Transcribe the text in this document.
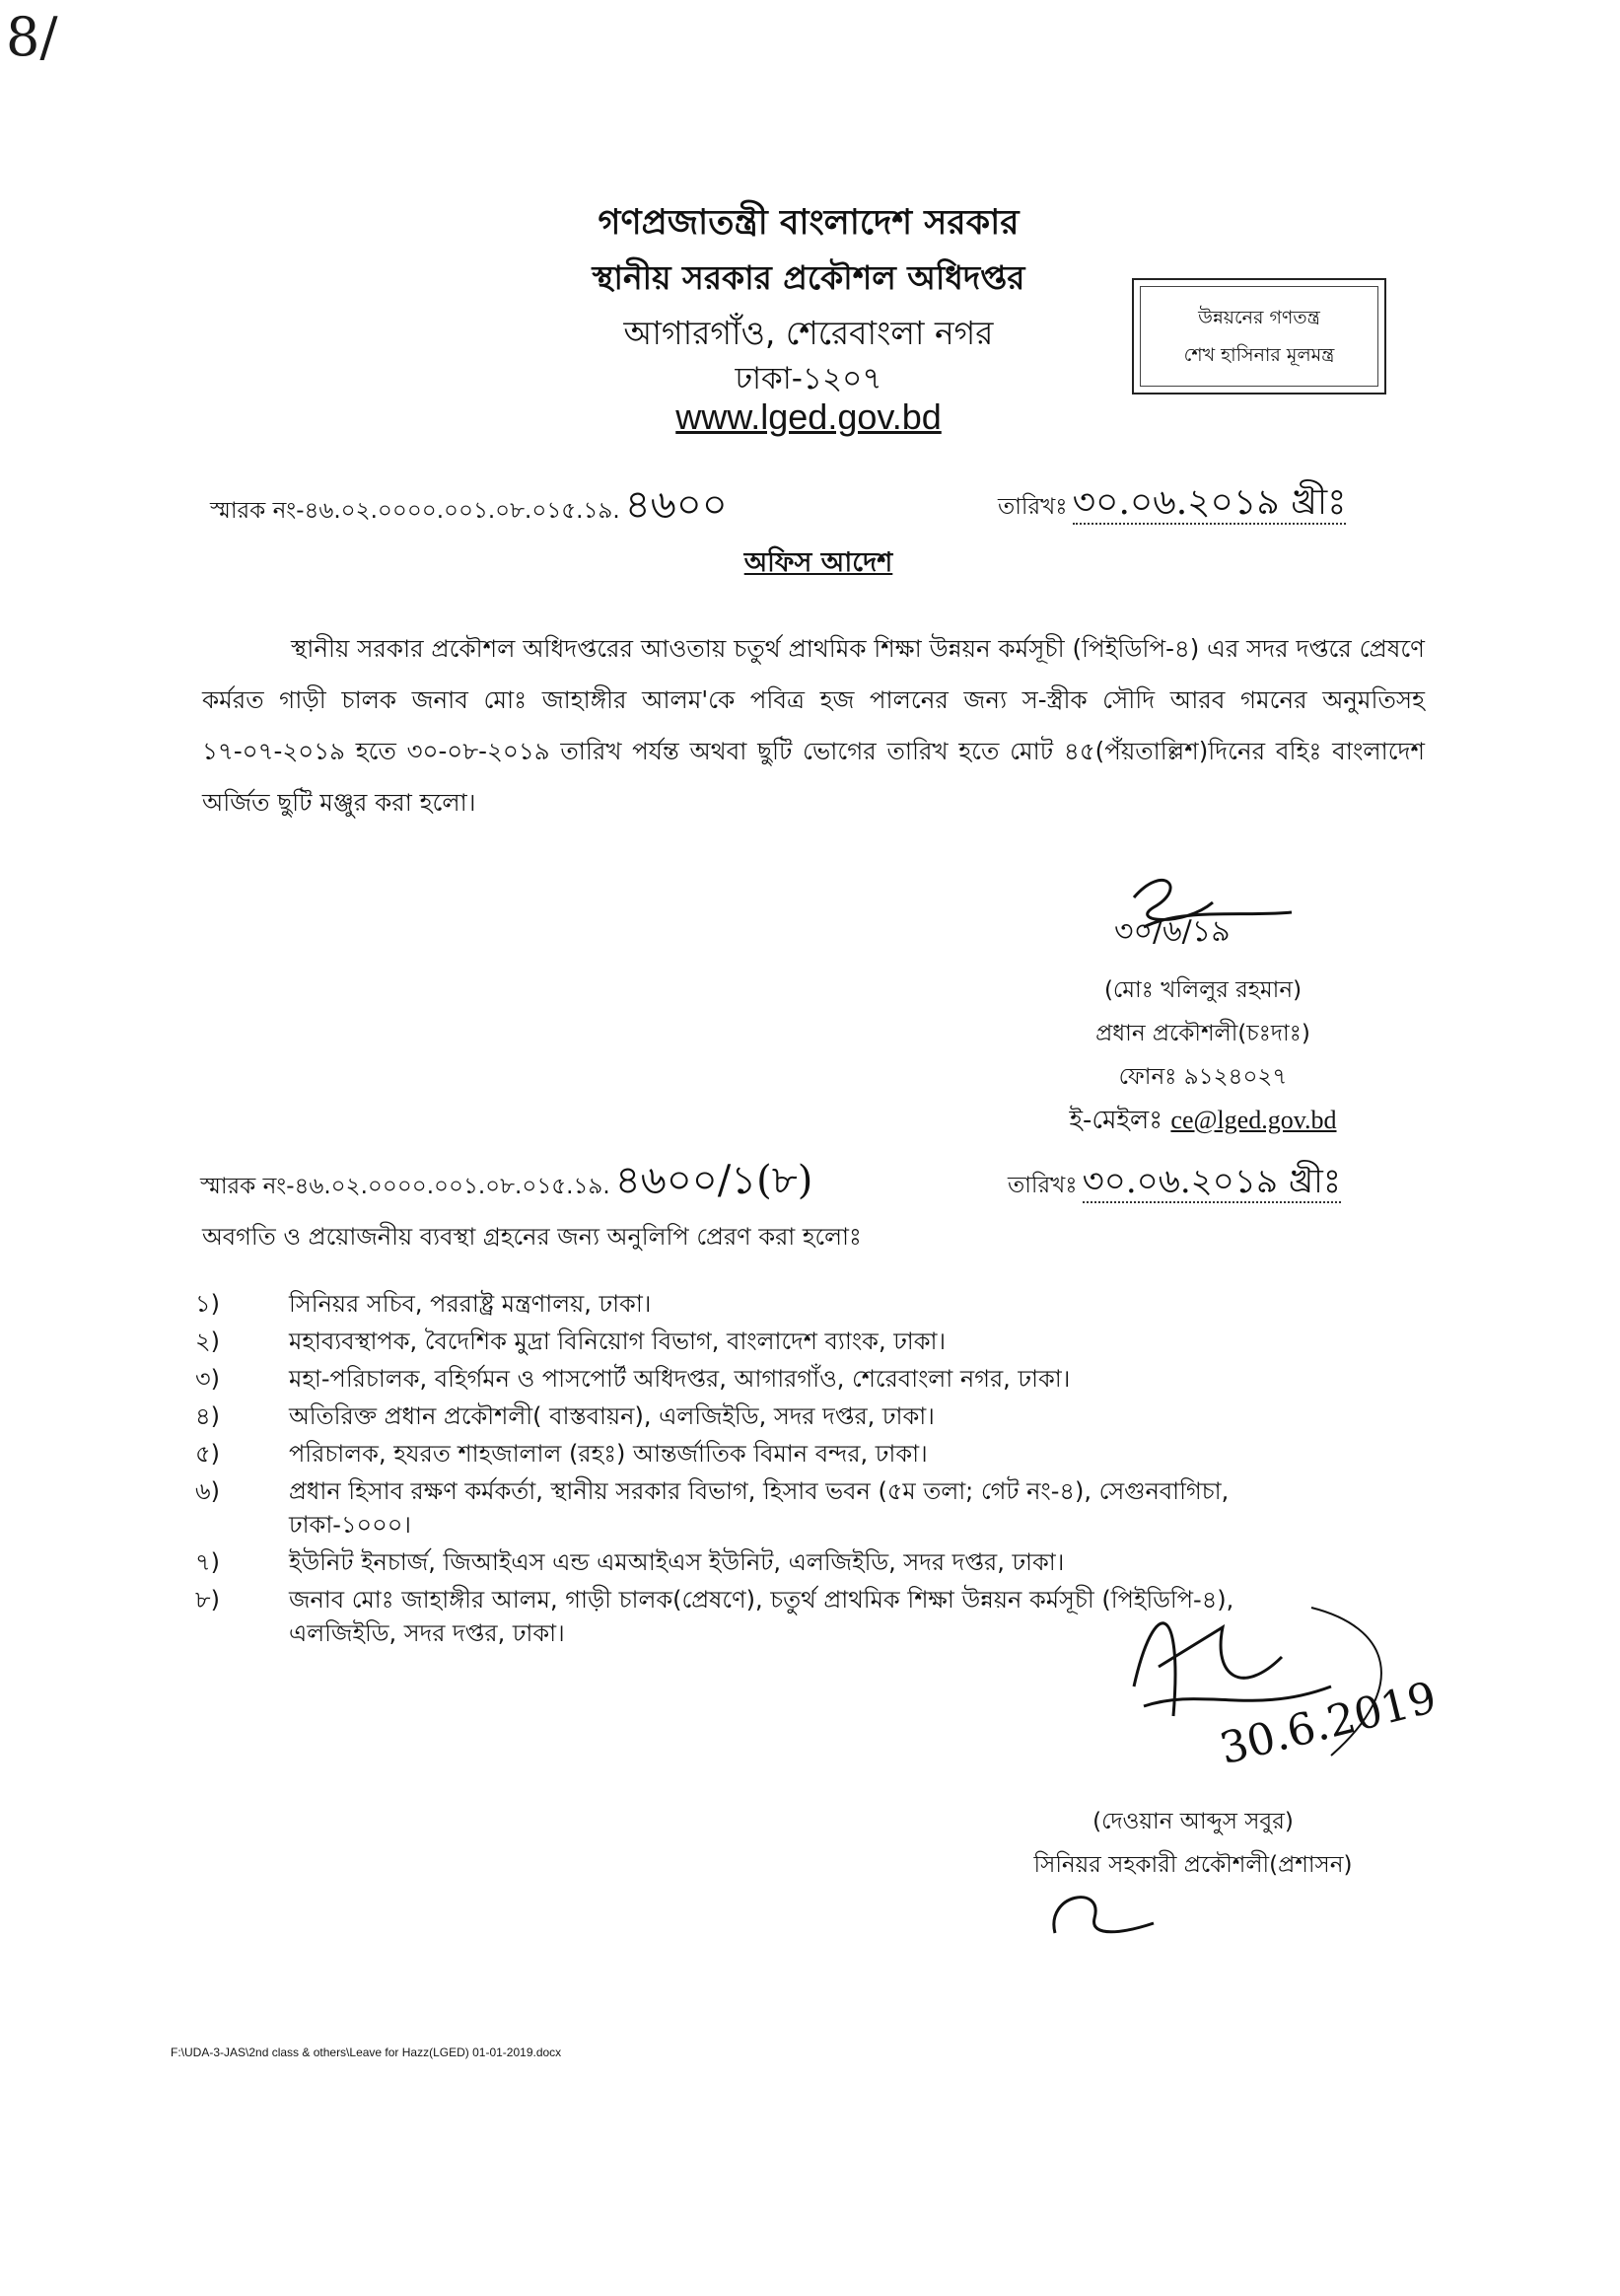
8/
গণপ্রজাতন্ত্রী বাংলাদেশ সরকার
স্থানীয় সরকার প্রকৌশল অধিদপ্তর
আগারগাঁও, শেরেবাংলা নগর
ঢাকা-১২০৭
www.lged.gov.bd
উন্নয়নের গণতন্ত্র
শেখ হাসিনার মূলমন্ত্র
স্মারক নং-৪৬.০২.০০০০.০০১.০৮.০১৫.১৯. ৪৬০০	তারিখঃ ৩০.০৬.২০১৯ খ্রীঃ
অফিস আদেশ
স্থানীয় সরকার প্রকৌশল অধিদপ্তরের আওতায় চতুর্থ প্রাথমিক শিক্ষা উন্নয়ন কর্মসূচী (পিইডিপি-৪) এর সদর দপ্তরে প্রেষণে কর্মরত গাড়ী চালক জনাব মোঃ জাহাঙ্গীর আলম'কে পবিত্র হজ পালনের জন্য স-স্ত্রীক সৌদি আরব গমনের অনুমতিসহ ১৭-০৭-২০১৯ হতে ৩০-০৮-২০১৯ তারিখ পর্যন্ত অথবা ছুটি ভোগের তারিখ হতে মোট ৪৫(পঁয়তাল্লিশ)দিনের বহিঃ বাংলাদেশ অর্জিত ছুটি মঞ্জুর করা হলো।
৩০/৬/১৯
(মোঃ খলিলুর রহমান)
প্রধান প্রকৌশলী(চঃদাঃ)
ফোনঃ ৯১২৪০২৭
ই-মেইলঃ ce@lged.gov.bd
স্মারক নং-৪৬.০২.০০০০.০০১.০৮.০১৫.১৯. ৪৬০০/১(৮)	তারিখঃ ৩০.০৬.২০১৯ খ্রীঃ
অবগতি ও প্রয়োজনীয় ব্যবস্থা গ্রহনের জন্য অনুলিপি প্রেরণ করা হলোঃ
১)	সিনিয়র সচিব, পররাষ্ট্র মন্ত্রণালয়, ঢাকা।
২)	মহাব্যবস্থাপক, বৈদেশিক মুদ্রা বিনিয়োগ বিভাগ, বাংলাদেশ ব্যাংক, ঢাকা।
৩)	মহা-পরিচালক, বহির্গমন ও পাসপোর্ট অধিদপ্তর, আগারগাঁও, শেরেবাংলা নগর, ঢাকা।
৪)	অতিরিক্ত প্রধান প্রকৌশলী( বাস্তবায়ন), এলজিইডি, সদর দপ্তর, ঢাকা।
৫)	পরিচালক, হযরত শাহজালাল (রহঃ) আন্তর্জাতিক বিমান বন্দর, ঢাকা।
৬)	প্রধান হিসাব রক্ষণ কর্মকর্তা, স্থানীয় সরকার বিভাগ, হিসাব ভবন (৫ম তলা; গেট নং-৪), সেগুনবাগিচা, ঢাকা-১০০০।
৭)	ইউনিট ইনচার্জ, জিআইএস এন্ড এমআইএস ইউনিট, এলজিইডি, সদর দপ্তর, ঢাকা।
৮)	জনাব মোঃ জাহাঙ্গীর আলম, গাড়ী চালক(প্রেষণে), চতুর্থ প্রাথমিক শিক্ষা উন্নয়ন কর্মসূচী (পিইডিপি-৪), এলজিইডি, সদর দপ্তর, ঢাকা।
30.6.2019
(দেওয়ান আব্দুস সবুর)
সিনিয়র সহকারী প্রকৌশলী(প্রশাসন)
F:\UDA-3-JAS\2nd class & others\Leave for Hazz(LGED) 01-01-2019.docx
